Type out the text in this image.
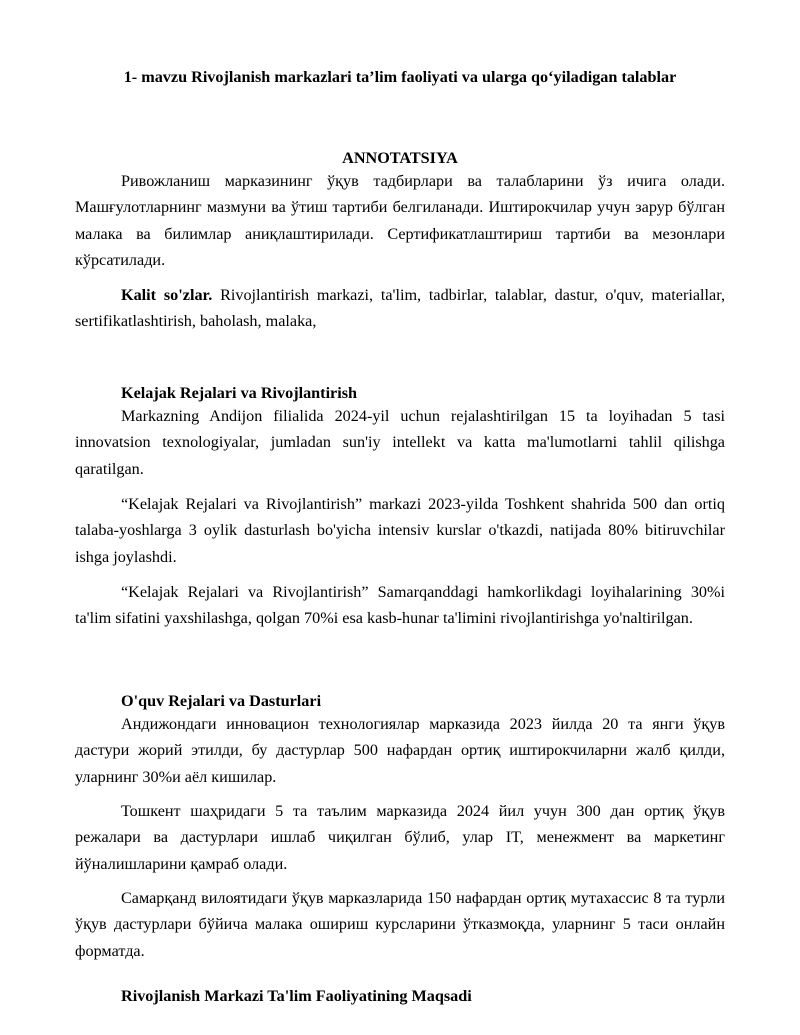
1- mavzu Rivojlanish markazlari ta’lim faoliyati va ularga qo‘yiladigan talablar

ANNOTATSIYA

Ривожланиш марказининг ўқув тадбирлари ва талабларини ўз ичига олади. Машғулотларнинг мазмуни ва ўтиш тартиби белгиланади. Иштирокчилар учун зарур бўлган малака ва билимлар аниқлаштирилади. Сертификатлаштириш тартиби ва мезонлари кўрсатилади.

Kalit so'zlar. Rivojlantirish markazi, ta'lim, tadbirlar, talablar, dastur, o'quv, materiallar, sertifikatlashtirish, baholash, malaka,

Kelajak Rejalari va Rivojlantirish

Markazning Andijon filialida 2024-yil uchun rejalashtirilgan 15 ta loyihadan 5 tasi innovatsion texnologiyalar, jumladan sun'iy intellekt va katta ma'lumotlarni tahlil qilishga qaratilgan.

“Kelajak Rejalari va Rivojlantirish” markazi 2023-yilda Toshkent shahrida 500 dan ortiq talaba-yoshlarga 3 oylik dasturlash bo'yicha intensiv kurslar o'tkazdi, natijada 80% bitiruvchilar ishga joylashdi.

“Kelajak Rejalari va Rivojlantirish” Samarqanddagi hamkorlikdagi loyihalarining 30%i ta'lim sifatini yaxshilashga, qolgan 70%i esa kasb-hunar ta'limini rivojlantirishga yo'naltirilgan.

O'quv Rejalari va Dasturlari

Андижондаги инновацион технологиялар марказида 2023 йилда 20 та янги ўқув дастури жорий этилди, бу дастурлар 500 нафардан ортиқ иштирокчиларни жалб қилди, уларнинг 30%и аёл кишилар.

Тошкент шаҳридаги 5 та таълим марказида 2024 йил учун 300 дан ортиқ ўқув режалари ва дастурлари ишлаб чиқилган бўлиб, улар IT, менежмент ва маркетинг йўналишларини қамраб олади.

Самарқанд вилоятидаги ўқув марказларида 150 нафардан ортиқ мутахассис 8 та турли ўқув дастурлари бўйича малака ошириш курсларини ўтказмоқда, уларнинг 5 таси онлайн форматда.

Rivojlanish Markazi Ta'lim Faoliyatining Maqsadi
